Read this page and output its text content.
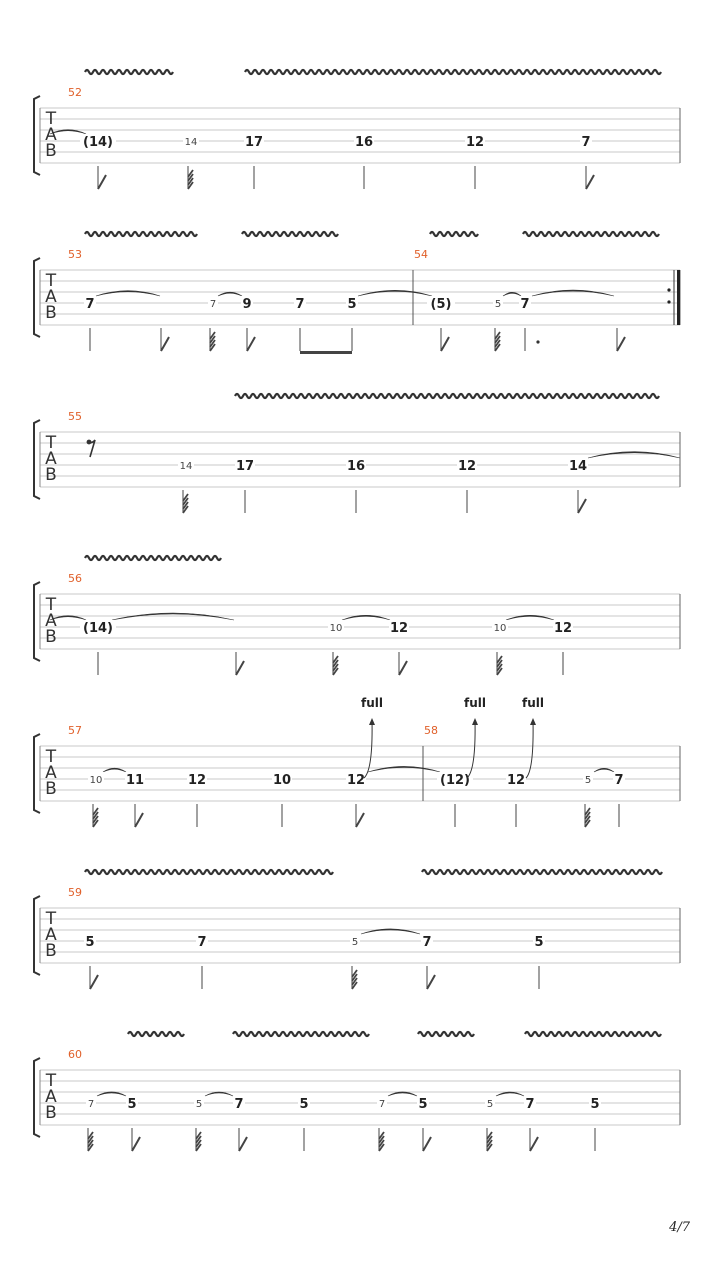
T
A
B
52
(14)	14	17	16	12	7
T
A
B
53	54
7	7 9	7	5	(5)	5 7
T
A
B
55
14	17	16	12	14
T
A
B
56
(14)	10	12	10	12
T
A
B
57	58
10 11	12	10	12	(12)	12	5 7
full	full	full
T
A
B
59
5	7	5	7	5
T
A
B
60
7	5	5 7	5	7	5	5 7	5
4/7
